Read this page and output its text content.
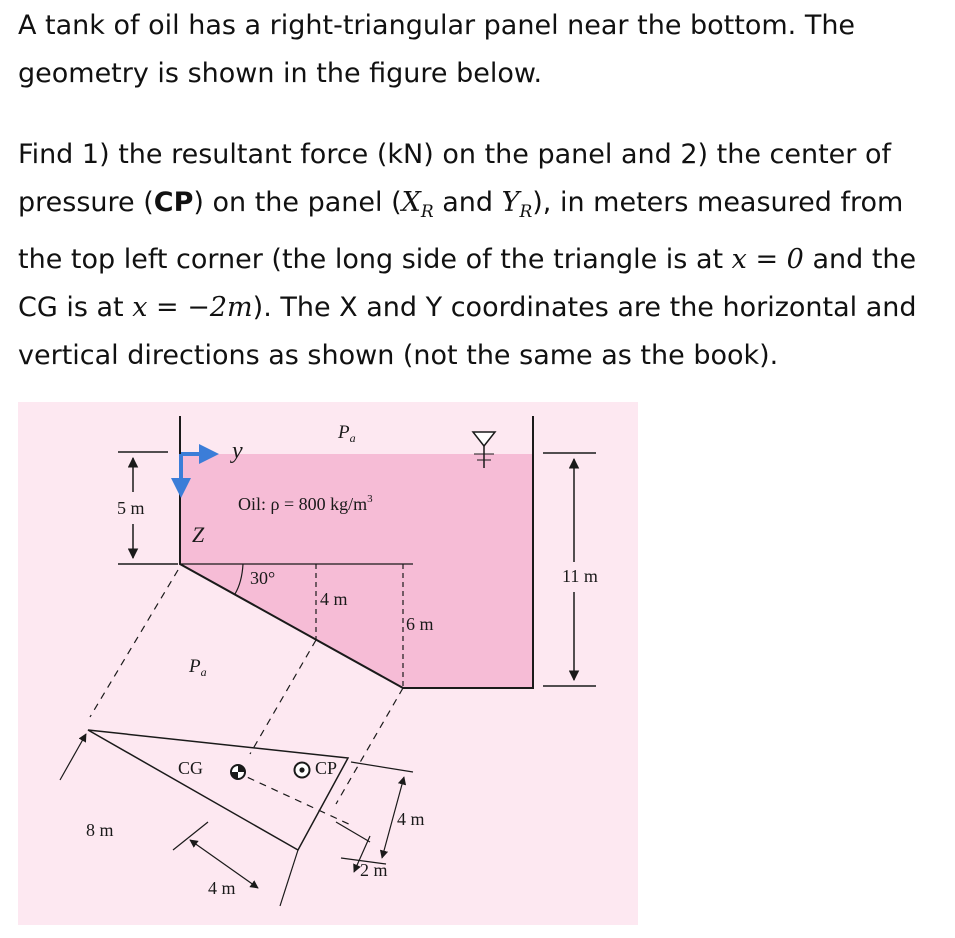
A tank of oil has a right-triangular panel near the bottom. The geometry is shown in the figure below.

Find 1) the resultant force (kN) on the panel and 2) the center of pressure (CP) on the panel ($X_R$ and $Y_R$), in meters measured from the top left corner (the long side of the triangle is at x = 0 and the CG is at x = −2m). The X and Y coordinates are the horizontal and vertical directions as shown (not the same as the book).

5 m
11 m
y
Z
$P_a$
Oil: ρ = 800 $kg/m^3$
30°
4 m
6 m
CG	CP
$P_a$
8 m
4 m
2 m
4 m
